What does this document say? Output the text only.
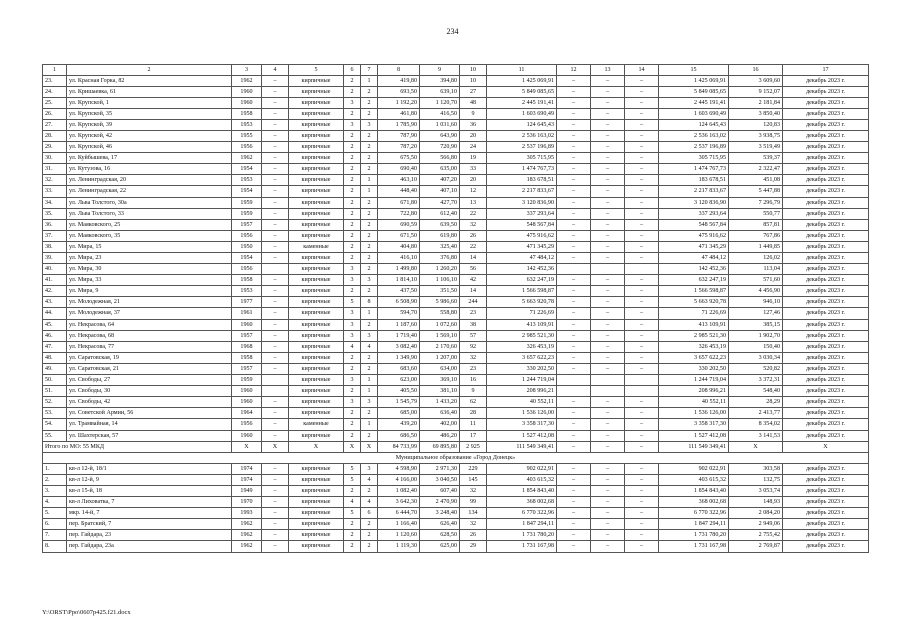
234
1	2	3	4	5	6	7	8	9	10	11	12	13	14	15	16	17
23.	ул. Красная Горка, 82	1962	–	кирпичные	2	1	419,80	394,80	10	1 425 069,91	–	–	–	1 425 069,91	3 609,60	декабрь 2023 г.
24.	ул. Кришаевка, 61	1960	–	кирпичные	2	2	693,50	639,10	27	5 849 085,65	–	–	–	5 849 085,65	9 152,07	декабрь 2023 г.
25.	ул. Крупской, 1	1960	–	кирпичные	3	2	1 192,20	1 120,70	48	2 445 191,41	–	–	–	2 445 191,41	2 181,84	декабрь 2023 г.
26.	ул. Крупской, 35	1958	–	кирпичные	2	2	461,80	416,50	9	1 603 690,49	–	–	–	1 603 690,49	3 850,40	декабрь 2023 г.
27.	ул. Крупской, 39	1953	–	кирпичные	3	3	1 785,90	1 031,60	36	124 645,43	–	–	–	124 645,43	120,83	декабрь 2023 г.
28.	ул. Крупской, 42	1955	–	кирпичные	2	2	787,90	643,90	20	2 536 163,02	–	–	–	2 536 163,02	3 938,75	декабрь 2023 г.
29.	ул. Крупской, 46	1956	–	кирпичные	2	2	787,20	720,90	24	2 537 196,89	–	–	–	2 537 196,89	3 519,49	декабрь 2023 г.
30.	ул. Куйбышева, 17	1962	–	кирпичные	2	2	675,50	566,80	19	305 715,95	–	–	–	305 715,95	539,37	декабрь 2023 г.
31.	ул. Кутузова, 16	1954	–	кирпичные	2	2	690,40	635,00	33	1 474 767,73	–	–	–	1 474 767,73	2 322,47	декабрь 2023 г.
32.	ул. Ленинградская, 20	1953	–	кирпичные	2	1	463,10	407,20	20	183 678,51	–	–	–	183 678,51	451,08	декабрь 2023 г.
33.	ул. Ленинградская, 22	1954	–	кирпичные	2	1	448,40	407,10	12	2 217 833,67	–	–	–	2 217 833,67	5 447,88	декабрь 2023 г.
34.	ул. Льва Толстого, 30а	1959	–	кирпичные	2	2	671,80	427,70	13	3 120 836,90	–	–	–	3 120 836,90	7 296,79	декабрь 2023 г.
35.	ул. Льва Толстого, 33	1959	–	кирпичные	2	2	722,80	612,40	22	337 293,64	–	–	–	337 293,64	550,77	декабрь 2023 г.
36.	ул. Маяковского, 25	1957	–	кирпичные	2	2	690,59	639,50	32	548 567,84	–	–	–	548 567,84	857,81	декабрь 2023 г.
37.	ул. Маяковского, 35	1956	–	кирпичные	2	2	671,50	619,80	26	475 916,62	–	–	–	475 916,62	767,86	декабрь 2023 г.
38.	ул. Мира, 15	1950	–	каменные	2	2	404,80	325,40	22	471 345,29	–	–	–	471 345,29	1 449,85	декабрь 2023 г.
39.	ул. Мира, 23	1954	–	кирпичные	2	2	416,10	376,80	14	47 484,12	–	–	–	47 484,12	126,02	декабрь 2023 г.
40.	ул. Мира, 30	1956		кирпичные	3	2	1 499,80	1 260,20	56	142 452,36				142 452,36	113,04	декабрь 2023 г.
41.	ул. Мира, 33	1958	–	кирпичные	3	3	1 814,10	1 106,10	42	632 247,19	–	–	–	632 247,19	571,60	декабрь 2023 г.
42.	ул. Мира, 9	1953	–	кирпичные	2	2	437,50	351,50	14	1 566 598,87	–	–	–	1 566 598,87	4 456,90	декабрь 2023 г.
43.	ул. Молодежная, 21	1977	–	кирпичные	5	8	6 508,90	5 986,60	244	5 663 920,78	–	–	–	5 663 920,78	946,10	декабрь 2023 г.
44.	ул. Молодежная, 37	1961	–	кирпичные	3	1	594,70	558,80	23	71 226,69	–	–	–	71 226,69	127,46	декабрь 2023 г.
45.	ул. Некрасова, 64	1960	–	кирпичные	3	2	1 187,60	1 072,60	38	413 109,91	–	–	–	413 109,91	385,15	декабрь 2023 г.
46.	ул. Некрасова, 68	1957	–	кирпичные	3	3	1 719,40	1 569,10	57	2 985 521,30	–	–	–	2 985 521,30	1 902,70	декабрь 2023 г.
47.	ул. Некрасова, 77	1968	–	кирпичные	4	4	3 082,40	2 170,60	92	326 453,19	–	–	–	326 453,19	150,40	декабрь 2023 г.
48.	ул. Саратовская, 19	1958	–	кирпичные	2	2	1 349,90	1 207,00	32	3 657 622,23	–	–	–	3 657 622,23	3 030,34	декабрь 2023 г.
49.	ул. Саратовская, 21	1957	–	кирпичные	2	2	683,60	634,00	23	330 202,50	–	–	–	330 202,50	520,82	декабрь 2023 г.
50.	ул. Свободы, 27	1959		кирпичные	3	1	623,00	369,10	16	1 244 719,04				1 244 719,04	3 372,31	декабрь 2023 г.
51.	ул. Свободы, 30	1960		кирпичные	2	1	405,50	381,10	9	208 996,21				208 996,21	548,40	декабрь 2023 г.
52.	ул. Свободы, 42	1960	–	кирпичные	3	3	1 545,79	1 433,20	62	40 552,11	–	–	–	40 552,11	28,29	декабрь 2023 г.
53.	ул. Советской Армии, 56	1964	–	кирпичные	2	2	685,00	636,40	28	1 536 126,00	–	–	–	1 536 126,00	2 413,77	декабрь 2023 г.
54.	ул. Трамвайная, 14	1956	–	каменные	2	1	439,20	402,00	11	3 358 317,30	–	–	–	3 358 317,30	8 354,02	декабрь 2023 г.
55.	ул. Шахтерская, 57	1960	–	кирпичные	2	2	686,50	486,20	17	1 527 412,08	–	–	–	1 527 412,08	3 141,53	декабрь 2023 г.
Итого по МО: 55 МКД		X	X	X	X	X	84 733,99	69 895,80	2 925	111 549 349,41	–	–	–	111 549 349,41	X	X
Муниципальное образование «Город Донецк»																
1.	кв-л 12-й, 18/1	1974	–	кирпичные	5	3	4 598,90	2 971,30	229	902 022,91	–	–	–	902 022,91	303,58	декабрь 2023 г.
2.	кв-л 12-й, 9	1974	–	кирпичные	5	4	4 166,00	3 040,50	145	403 615,32	–	–	–	403 615,32	132,75	декабрь 2023 г.
3.	кв-л 15-й, 18	1949	–	кирпичные	2	2	1 082,40	607,40	32	1 854 843,40	–	–	–	1 854 843,40	3 053,74	декабрь 2023 г.
4.	кв-л Лиховатка, 7	1970	–	кирпичные	4	4	3 642,30	2 470,90	99	368 002,68	–	–	–	368 002,68	148,93	декабрь 2023 г.
5.	мкр. 14-й, 7	1993	–	кирпичные	5	6	6 444,70	3 248,40	134	6 770 322,96	–	–	–	6 770 322,96	2 084,20	декабрь 2023 г.
6.	пер. Братский, 7	1962	–	кирпичные	2	2	1 166,40	626,40	32	1 847 294,11	–	–	–	1 847 294,11	2 949,06	декабрь 2023 г.
7.	пер. Гайдара, 23	1962	–	кирпичные	2	2	1 120,60	628,50	26	1 731 780,20	–	–	–	1 731 780,20	2 755,42	декабрь 2023 г.
8.	пер. Гайдара, 23а	1962	–	кирпичные	2	2	1 119,30	625,00	29	1 731 167,98	–	–	–	1 731 167,98	2 769,87	декабрь 2023 г.
Y:\ORST\Ppo\0607p425.f21.docx
